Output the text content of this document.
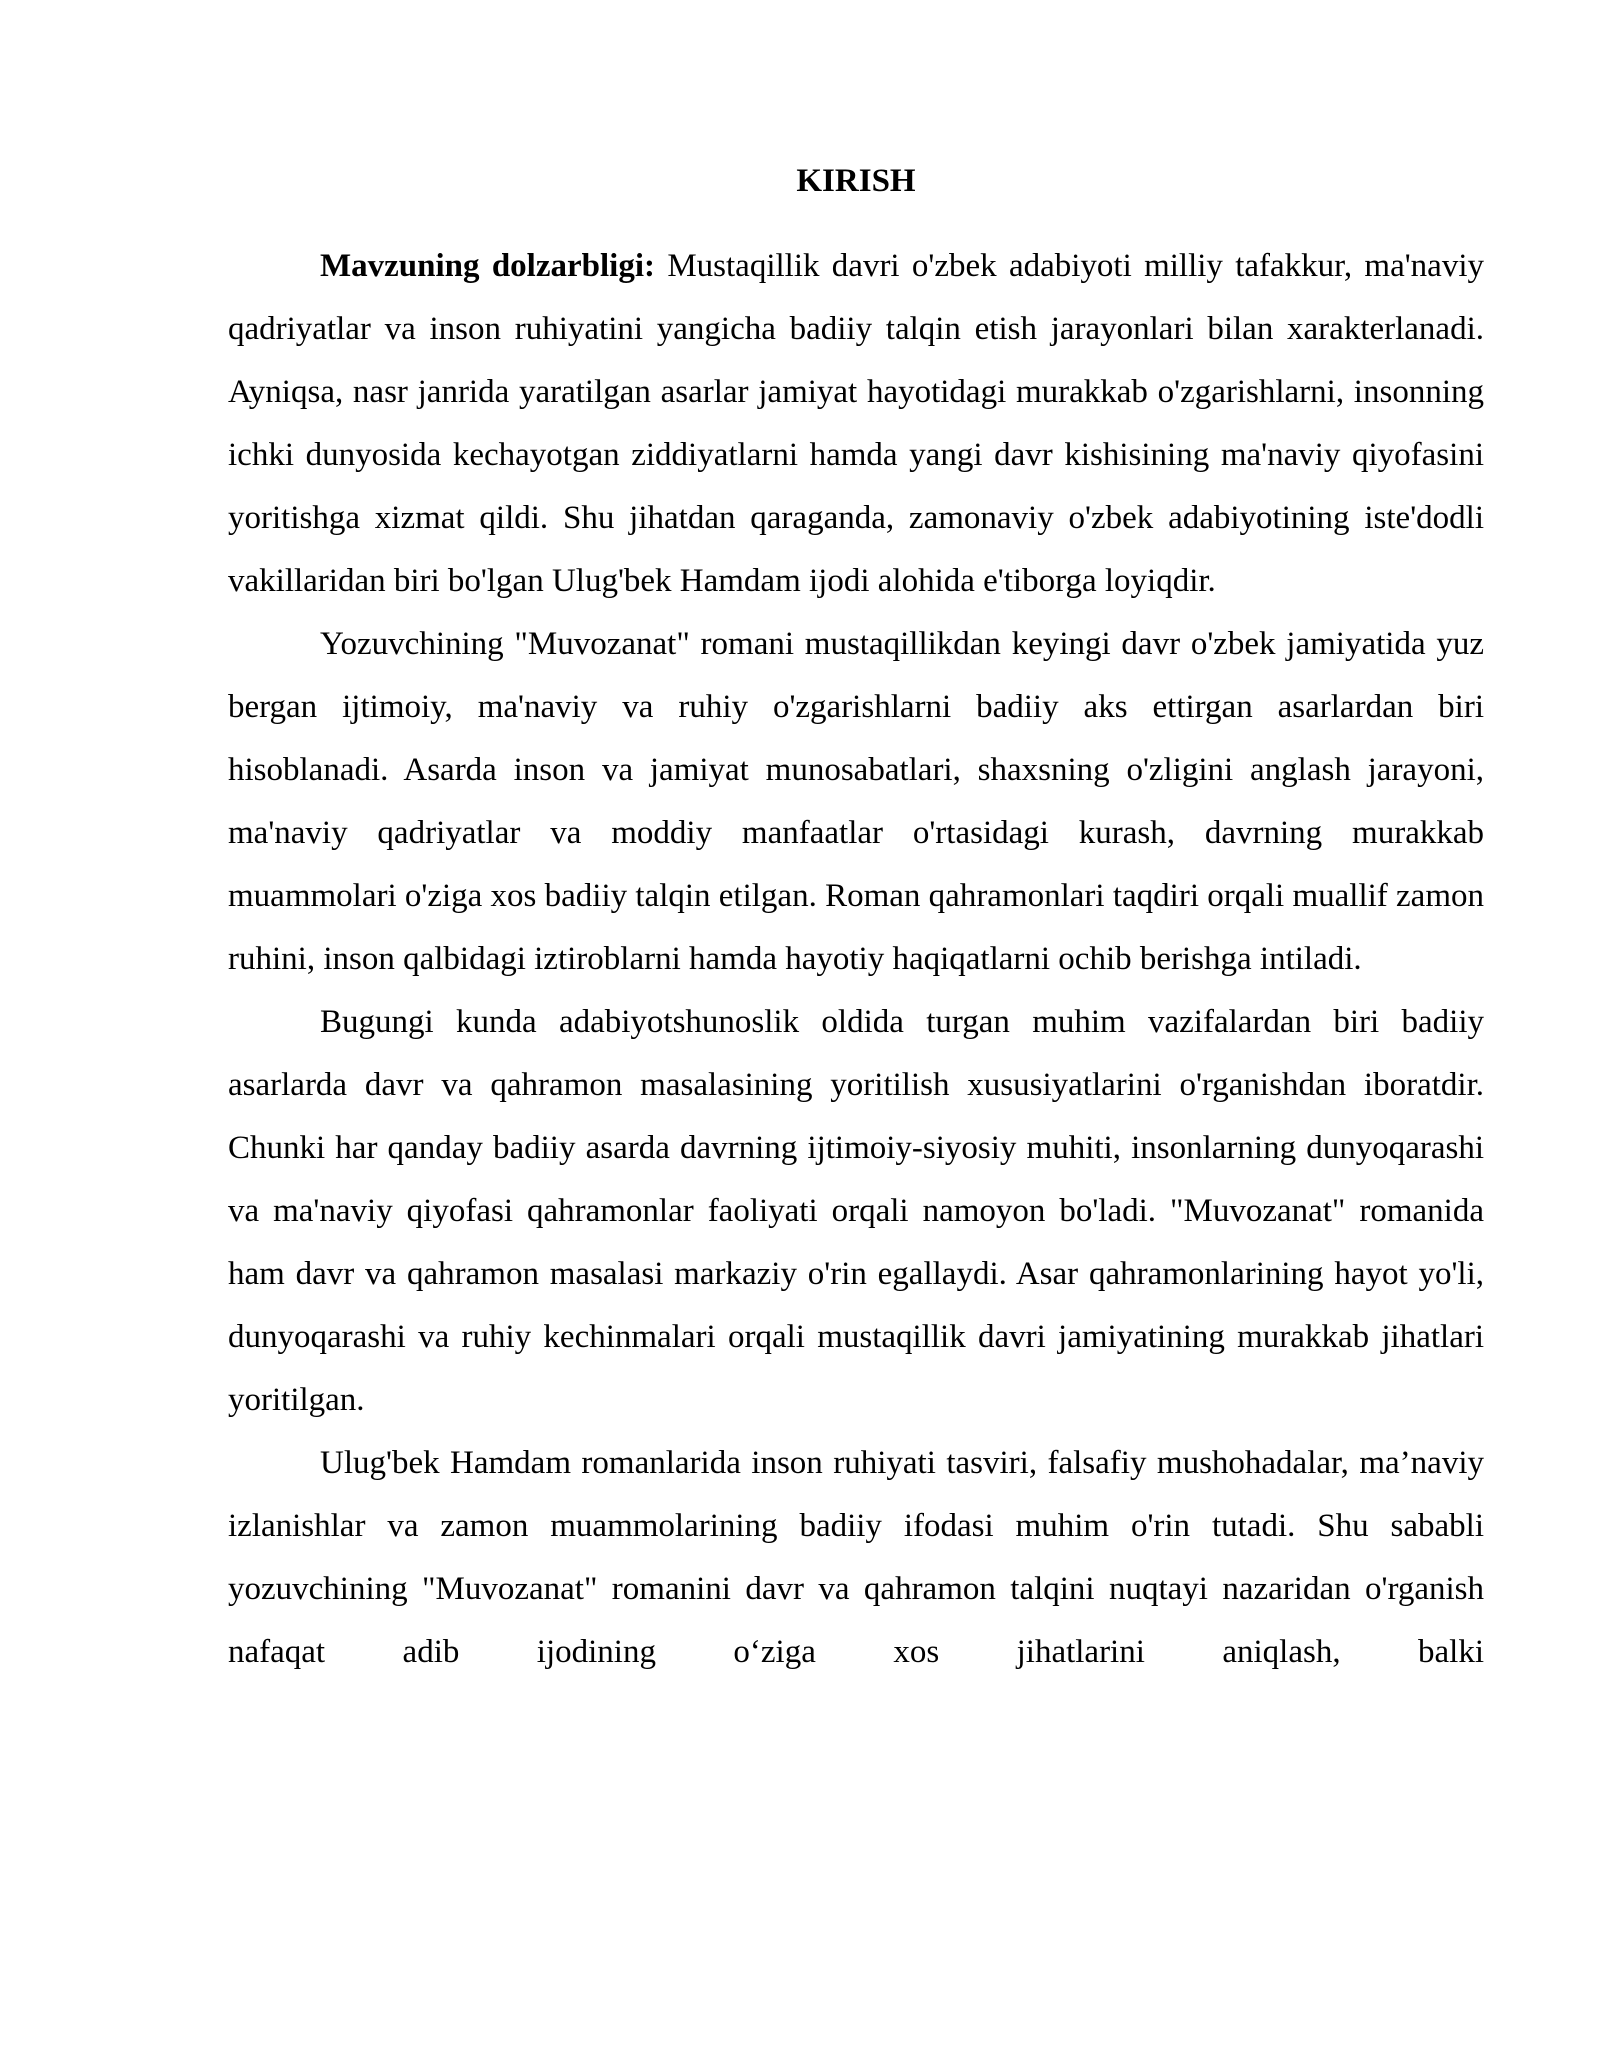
KIRISH

Mavzuning dolzarbligi: Mustaqillik davri o'zbek adabiyoti milliy tafakkur, ma'naviy qadriyatlar va inson ruhiyatini yangicha badiiy talqin etish jarayonlari bilan xarakterlanadi. Ayniqsa, nasr janrida yaratilgan asarlar jamiyat hayotidagi murakkab o'zgarishlarni, insonning ichki dunyosida kechayotgan ziddiyatlarni hamda yangi davr kishisining ma'naviy qiyofasini yoritishga xizmat qildi. Shu jihatdan qaraganda, zamonaviy o'zbek adabiyotining iste'dodli vakillaridan biri bo'lgan Ulug'bek Hamdam ijodi alohida e'tiborga loyiqdir.

Yozuvchining "Muvozanat" romani mustaqillikdan keyingi davr o'zbek jamiyatida yuz bergan ijtimoiy, ma'naviy va ruhiy o'zgarishlarni badiiy aks ettirgan asarlardan biri hisoblanadi. Asarda inson va jamiyat munosabatlari, shaxsning o'zligini anglash jarayoni, ma'naviy qadriyatlar va moddiy manfaatlar o'rtasidagi kurash, davrning murakkab muammolari o'ziga xos badiiy talqin etilgan. Roman qahramonlari taqdiri orqali muallif zamon ruhini, inson qalbidagi iztiroblarni hamda hayotiy haqiqatlarni ochib berishga intiladi.

Bugungi kunda adabiyotshunoslik oldida turgan muhim vazifalardan biri badiiy asarlarda davr va qahramon masalasining yoritilish xususiyatlarini o'rganishdan iboratdir. Chunki har qanday badiiy asarda davrning ijtimoiy-siyosiy muhiti, insonlarning dunyoqarashi va ma'naviy qiyofasi qahramonlar faoliyati orqali namoyon bo'ladi. "Muvozanat" romanida ham davr va qahramon masalasi markaziy o'rin egallaydi. Asar qahramonlarining hayot yo'li, dunyoqarashi va ruhiy kechinmalari orqali mustaqillik davri jamiyatining murakkab jihatlari yoritilgan.

Ulug'bek Hamdam romanlarida inson ruhiyati tasviri, falsafiy mushohadalar, ma’naviy izlanishlar va zamon muammolarining badiiy ifodasi muhim o'rin tutadi. Shu sababli yozuvchining "Muvozanat" romanini davr va qahramon talqini nuqtayi nazaridan o'rganish nafaqat adib ijodining o‘ziga xos jihatlarini aniqlash, balki
